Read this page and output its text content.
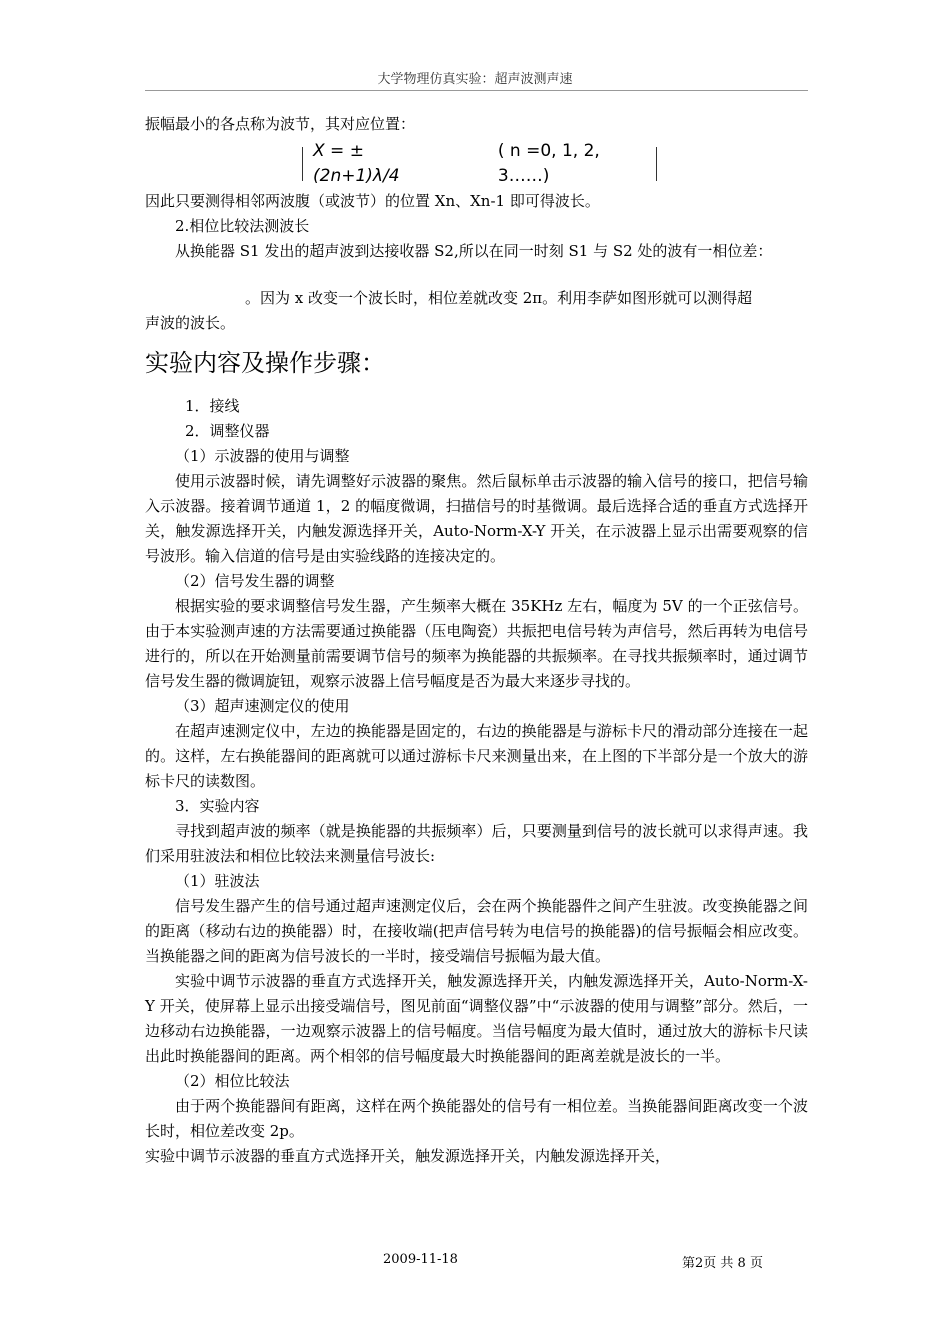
大学物理仿真实验：超声波测声速

振幅最小的各点称为波节，其对应位置：

X = ±(2n+1)λ/4
( n =0, 1, 2, 3……)

因此只要测得相邻两波腹（或波节）的位置 Xn、Xn-1 即可得波长。

2.相位比较法测波长

从换能器 S1 发出的超声波到达接收器 S2,所以在同一时刻 S1 与 S2 处的波有一相位差：

。因为 x 改变一个波长时，相位差就改变 2π。利用李萨如图形就可以测得超

声波的波长。

实验内容及操作步骤：

1．接线

2．调整仪器

（1）示波器的使用与调整

使用示波器时候，请先调整好示波器的聚焦。然后鼠标单击示波器的输入信号的接口，把信号输入示波器。接着调节通道 1，2 的幅度微调，扫描信号的时基微调。最后选择合适的垂直方式选择开关，触发源选择开关，内触发源选择开关，Auto-Norm-X-Y 开关，在示波器上显示出需要观察的信号波形。输入信道的信号是由实验线路的连接决定的。

（2）信号发生器的调整

根据实验的要求调整信号发生器，产生频率大概在 35KHz 左右，幅度为 5V 的一个正弦信号。由于本实验测声速的方法需要通过换能器（压电陶瓷）共振把电信号转为声信号，然后再转为电信号进行的，所以在开始测量前需要调节信号的频率为换能器的共振频率。在寻找共振频率时，通过调节信号发生器的微调旋钮，观察示波器上信号幅度是否为最大来逐步寻找的。

（3）超声速测定仪的使用

在超声速测定仪中，左边的换能器是固定的，右边的换能器是与游标卡尺的滑动部分连接在一起的。这样，左右换能器间的距离就可以通过游标卡尺来测量出来，在上图的下半部分是一个放大的游标卡尺的读数图。

3．实验内容

寻找到超声波的频率（就是换能器的共振频率）后，只要测量到信号的波长就可以求得声速。我们采用驻波法和相位比较法来测量信号波长:

（1）驻波法

信号发生器产生的信号通过超声速测定仪后，会在两个换能器件之间产生驻波。改变换能器之间的距离（移动右边的换能器）时，在接收端(把声信号转为电信号的换能器)的信号振幅会相应改变。当换能器之间的距离为信号波长的一半时，接受端信号振幅为最大值。

实验中调节示波器的垂直方式选择开关，触发源选择开关，内触发源选择开关，Auto-Norm-X-Y 开关，使屏幕上显示出接受端信号，图见前面“调整仪器”中“示波器的使用与调整”部分。然后，一边移动右边换能器，一边观察示波器上的信号幅度。当信号幅度为最大值时，通过放大的游标卡尺读出此时换能器间的距离。两个相邻的信号幅度最大时换能器间的距离差就是波长的一半。

（2）相位比较法

由于两个换能器间有距离，这样在两个换能器处的信号有一相位差。当换能器间距离改变一个波长时，相位差改变 2p。

实验中调节示波器的垂直方式选择开关，触发源选择开关，内触发源选择开关，

2009-11-18	第2页 共 8 页
